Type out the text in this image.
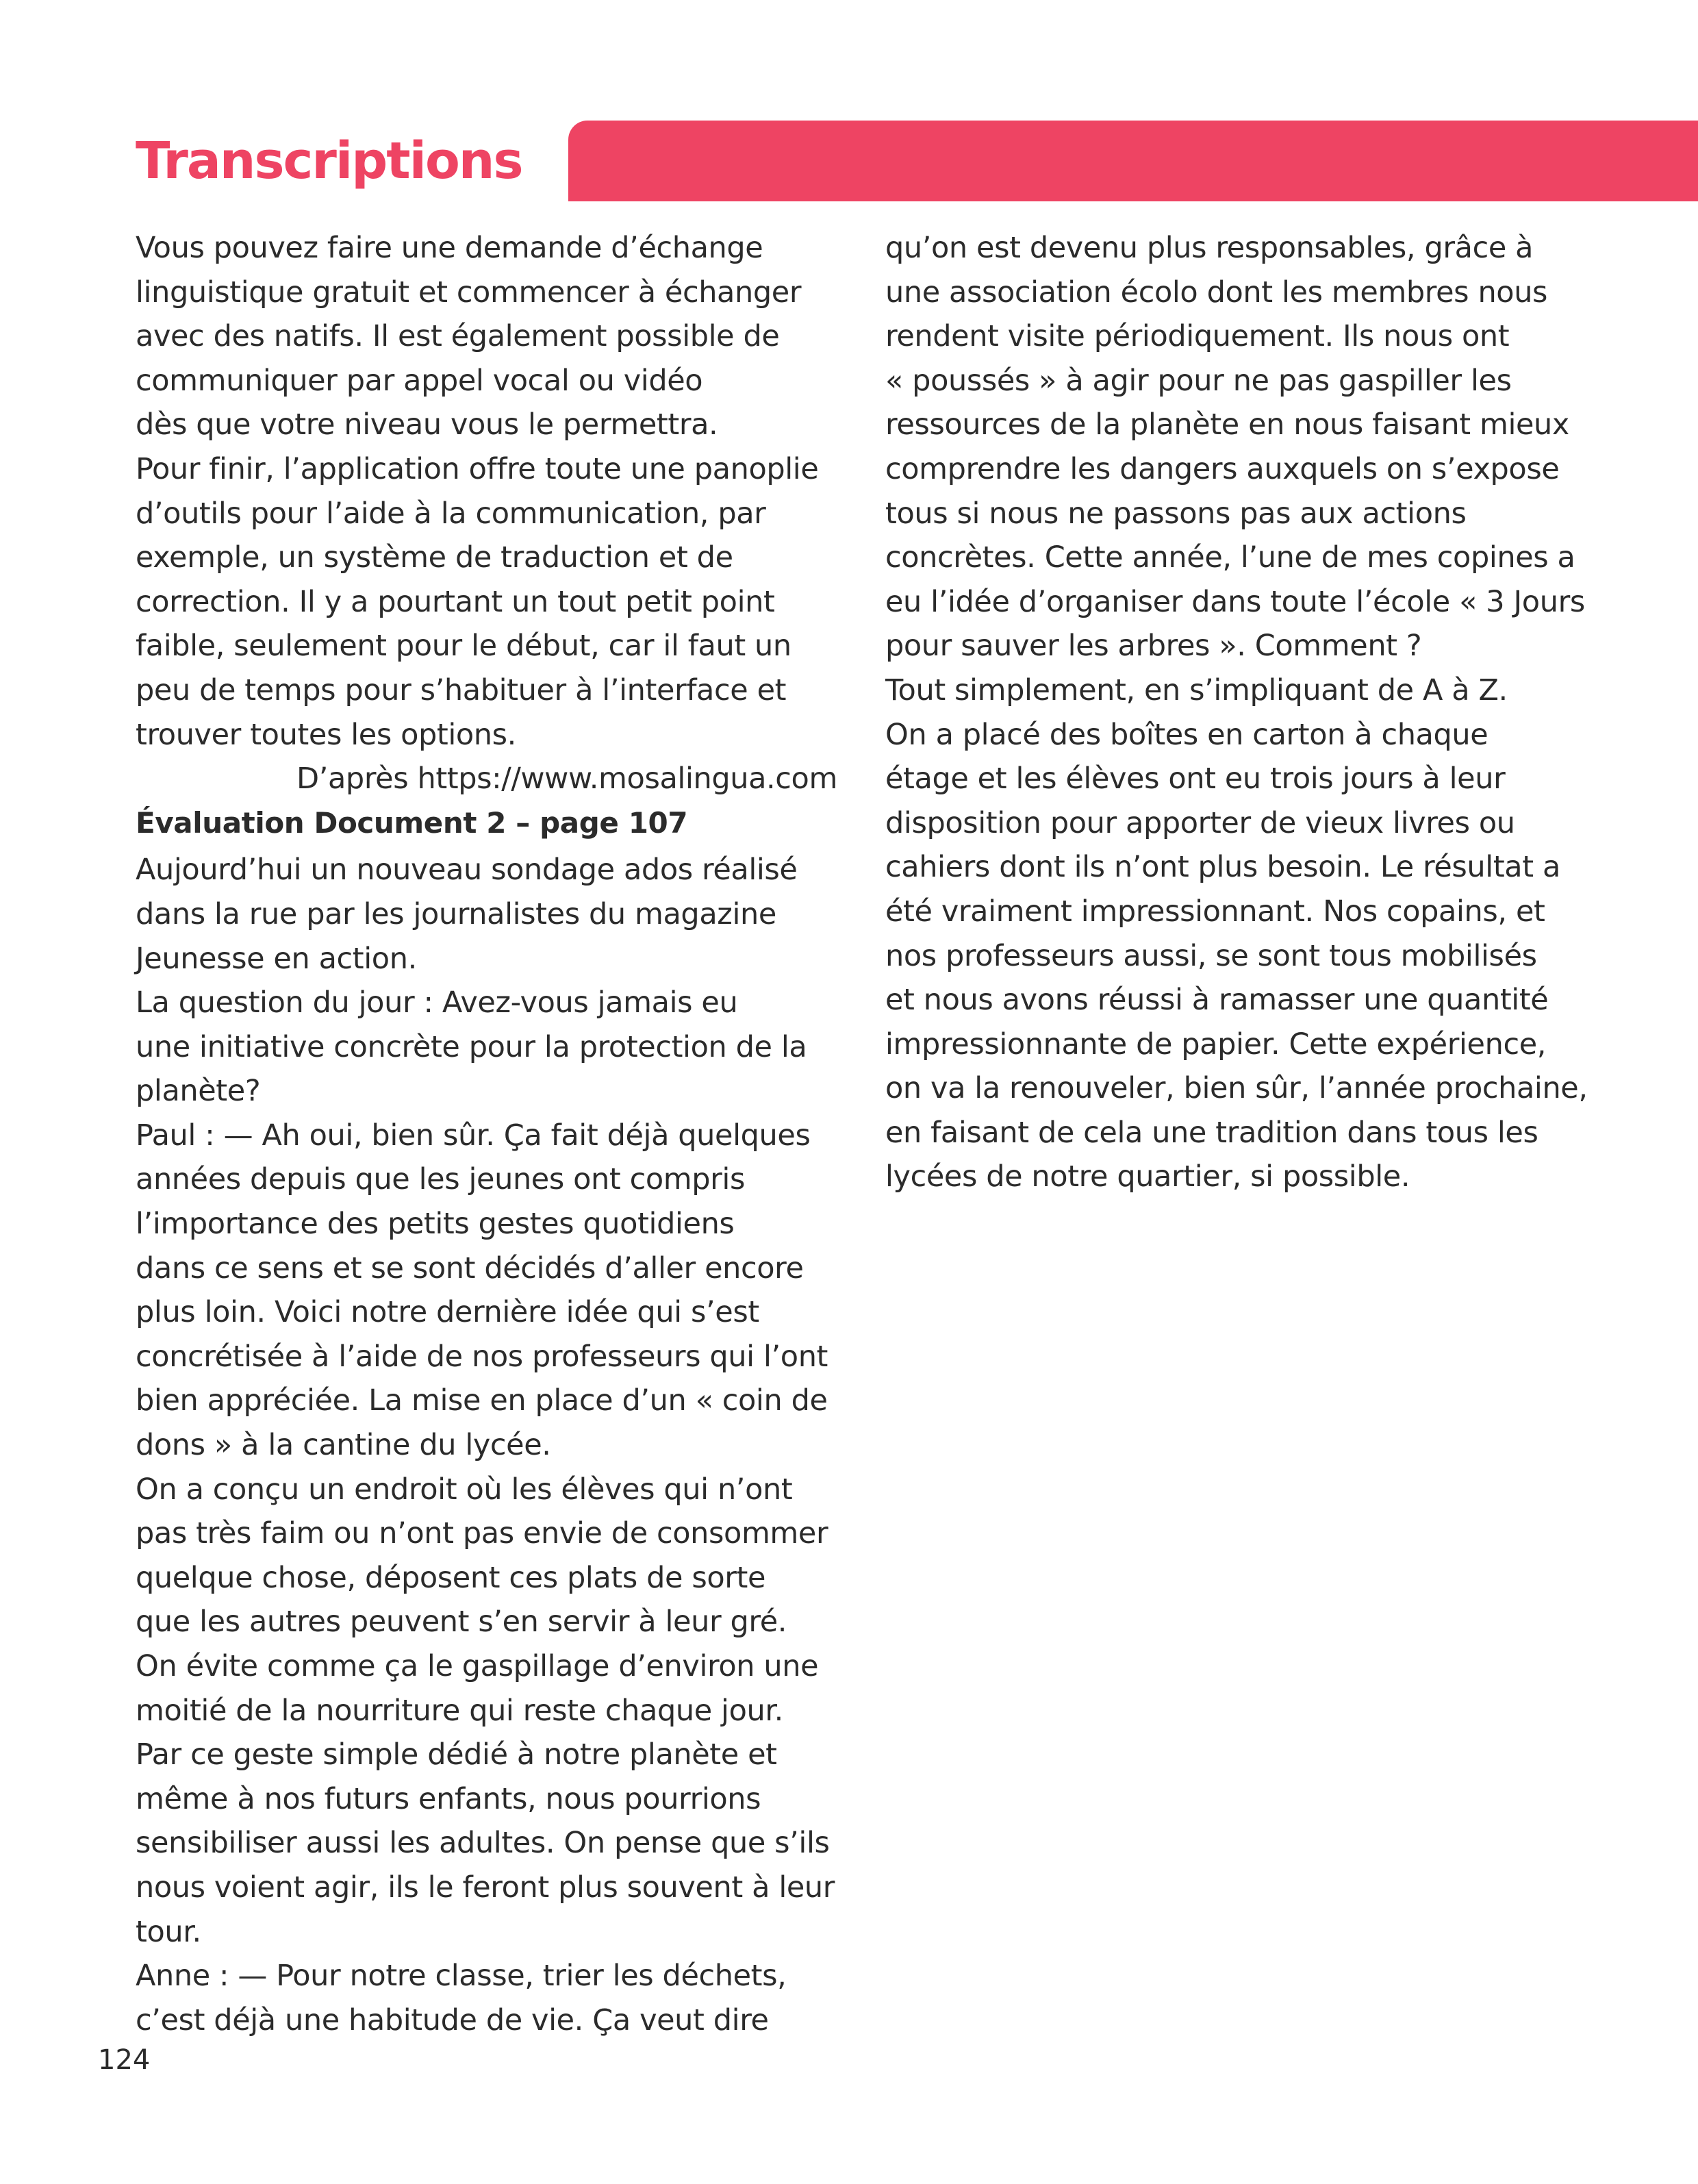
Transcriptions
Vous pouvez faire une demande d’échange
linguistique gratuit et commencer à échanger
avec des natifs. Il est également possible de
communiquer par appel vocal ou vidéo
dès que votre niveau vous le permettra.
Pour finir, l’application offre toute une panoplie
d’outils pour l’aide à la communication, par
exemple, un système de traduction et de
correction. Il y a pourtant un tout petit point
faible, seulement pour le début, car il faut un
peu de temps pour s’habituer à l’interface et
trouver toutes les options.
D’après https://www.mosalingua.com
Évaluation Document 2 – page 107
Aujourd’hui un nouveau sondage ados réalisé
dans la rue par les journalistes du magazine
Jeunesse en action.
La question du jour : Avez-vous jamais eu
une initiative concrète pour la protection de la
planète?
Paul : — Ah oui, bien sûr. Ça fait déjà quelques
années depuis que les jeunes ont compris
l’importance des petits gestes quotidiens
dans ce sens et se sont décidés d’aller encore
plus loin. Voici notre dernière idée qui s’est
concrétisée à l’aide de nos professeurs qui l’ont
bien appréciée. La mise en place d’un « coin de
dons » à la cantine du lycée.
On a conçu un endroit où les élèves qui n’ont
pas très faim ou n’ont pas envie de consommer
quelque chose, déposent ces plats de sorte
que les autres peuvent s’en servir à leur gré.
On évite comme ça le gaspillage d’environ une
moitié de la nourriture qui reste chaque jour.
Par ce geste simple dédié à notre planète et
même à nos futurs enfants, nous pourrions
sensibiliser aussi les adultes. On pense que s’ils
nous voient agir, ils le feront plus souvent à leur
tour.
Anne : — Pour notre classe, trier les déchets,
c’est déjà une habitude de vie. Ça veut dire
qu’on est devenu plus responsables, grâce à
une association écolo dont les membres nous
rendent visite périodiquement. Ils nous ont
« poussés » à agir pour ne pas gaspiller les
ressources de la planète en nous faisant mieux
comprendre les dangers auxquels on s’expose
tous si nous ne passons pas aux actions
concrètes. Cette année, l’une de mes copines a
eu l’idée d’organiser dans toute l’école « 3 Jours
pour sauver les arbres ». Comment ?
Tout simplement, en s’impliquant de A à Z.
On a placé des boîtes en carton à chaque
étage et les élèves ont eu trois jours à leur
disposition pour apporter de vieux livres ou
cahiers dont ils n’ont plus besoin. Le résultat a
été vraiment impressionnant. Nos copains, et
nos professeurs aussi, se sont tous mobilisés
et nous avons réussi à ramasser une quantité
impressionnante de papier. Cette expérience,
on va la renouveler, bien sûr, l’année prochaine,
en faisant de cela une tradition dans tous les
lycées de notre quartier, si possible.
124
